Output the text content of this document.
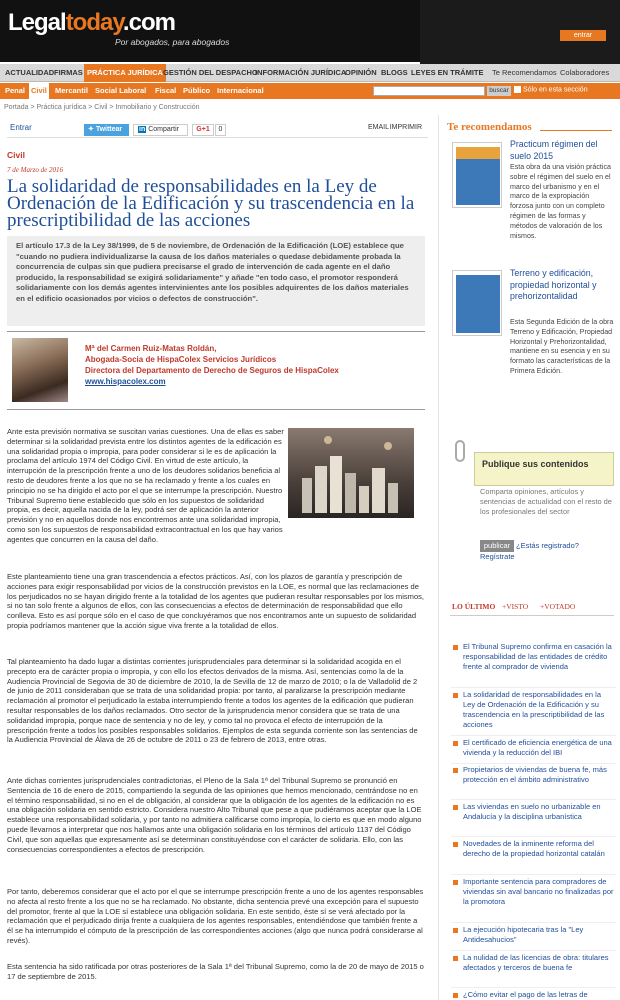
Legaltoday.com
Por abogados, para abogados
entrar
ACTUALIDAD FIRMAS PRÁCTICA JURÍDICA GESTIÓN DEL DESPACHO
INFORMACIÓN JURÍDICA
OPINIÓN BLOGS LEYES EN TRÁMITE	Te Recomendamos Colaboradores
Penal Civil Mercantil Social Laboral Fiscal Público Internacional	buscar	Sólo en esta sección
Portada > Práctica jurídica > Civil > Inmobiliario y Construcción
Entrar	EMAIL IMPRIMIR
✦ Twittear	in Compartir	G+1	0
Civil
7 de Marzo de 2016
La solidaridad de responsabilidades en la Ley de Ordenación de la Edificación y su trascendencia en la prescriptibilidad de las acciones
El artículo 17.3 de la Ley 38/1999, de 5 de noviembre, de Ordenación de la Edificación (LOE) establece que "cuando no pudiera individualizarse la causa de los daños materiales o quedase debidamente probada la concurrencia de culpas sin que pudiera precisarse el grado de intervención de cada agente en el daño producido, la responsabilidad se exigirá solidariamente" y añade "en todo caso, el promotor responderá solidariamente con los demás agentes intervinientes ante los posibles adquirentes de los daños materiales en el edificio ocasionados por vicios o defectos de construcción".
Mª del Carmen Ruiz-Matas Roldán,
Abogada-Socia de HispaColex Servicios Jurídicos
Directora del Departamento de Derecho de Seguros de HispaColex
www.hispacolex.com
Ante esta previsión normativa se suscitan varias cuestiones. Una de ellas es saber determinar si la solidaridad prevista entre los distintos agentes de la edificación es una solidaridad propia o impropia, para poder considerar si le es de aplicación la proclama del artículo 1974 del Código Civil. En virtud de este artículo, la interrupción de la prescripción frente a uno de los deudores solidarios beneficia al resto de deudores frente a los que no se ha reclamado y frente a los cuales en principio no se ha dirigido el acto por el que se interrumpe la prescripción. Nuestro Tribunal Supremo tiene establecido que sólo en los supuestos de solidaridad propia, es decir, aquella nacida de la ley, podrá ser de aplicación la anterior previsión y no en aquellos donde nos encontremos ante una solidaridad impropia, como son los supuestos de responsabilidad extracontractual en los que hay varios agentes que concurren en la causa del daño.
Este planteamiento tiene una gran trascendencia a efectos prácticos. Así, con los plazos de garantía y prescripción de acciones para exigir responsabilidad por vicios de la construcción previstos en la LOE, es normal que las reclamaciones de los perjudicados no se hayan dirigido frente a la totalidad de los agentes que pudieran resultar responsables por los mismos, si no tan solo frente a algunos de ellos, con las consecuencias a efectos de determinación de responsabilidad que ello conlleva. Esto es así porque sólo en el caso de que concluyéramos que nos encontramos ante un supuesto de solidaridad propia podríamos mantener que la acción sigue viva frente a la totalidad de ellos.
Tal planteamiento ha dado lugar a distintas corrientes jurisprudenciales para determinar si la solidaridad acogida en el precepto era de carácter propia o impropia, y con ello los efectos derivados de la misma. Así, sentencias como la de la Audiencia Provincial de Segovia de 30 de diciembre de 2010, la de Sevilla de 12 de marzo de 2010; o la de Valladolid de 2 de junio de 2011 consideraban que se trata de una solidaridad propia: por tanto, al paralizarse la prescripción mediante reclamación al promotor el perjudicado la estaba interrumpiendo frente a todos los agentes de la edificación que pudieran resultar responsables de los daños reclamados. Otro sector de la jurisprudencia menor considera que se trata de una solidaridad impropia, porque nace de sentencia y no de ley, y como tal no provoca el efecto de interrupción de la prescripción frente a todos los posibles responsables solidarios. Ejemplos de esta segunda corriente son las sentencias de la Audiencia Provincial de Álava de 26 de octubre de 2011 o 23 de febrero de 2013, entre otras.
Ante dichas corrientes jurisprudenciales contradictorias, el Pleno de la Sala 1ª del Tribunal Supremo se pronunció en Sentencia de 16 de enero de 2015, compartiendo la segunda de las opiniones que hemos mencionado, centrándose no en el término responsabilidad, si no en el de obligación, al considerar que la obligación de los agentes de la edificación no es una obligación solidaria en sentido estricto. Considera nuestro Alto Tribunal que pese a que pudiéramos aceptar que la LOE establece una responsabilidad solidaria, y por tanto no admitiera calificarse como impropia, lo cierto es que en modo alguno puede llevarnos a interpretar que nos hallamos ante una obligación solidaria en los términos del artículo 1137 del Código Civil, que son aquellas que expresamente así se determinan constituyéndose con el carácter de solidaria. Ello, con las consecuencias correspondientes a efectos de prescripción.
Por tanto, deberemos considerar que el acto por el que se interrumpe prescripción frente a uno de los agentes responsables no afecta al resto frente a los que no se ha reclamado. No obstante, dicha sentencia prevé una excepción para el supuesto del promotor, frente al que la LOE sí establece una obligación solidaria. En este sentido, éste sí se verá afectado por la reclamación que el perjudicado dirija frente a cualquiera de los agentes responsables, entendiéndose que también frente a él se ha interrumpido el cómputo de la prescripción de las correspondientes acciones (algo que nunca podrá considerarse al revés).
Esta sentencia ha sido ratificada por otras posteriores de la Sala 1ª del Tribunal Supremo, como la de 20 de mayo de 2015 o 17 de septiembre de 2015.
Te recomendamos
Practicum régimen del suelo 2015
Esta obra da una visión práctica sobre el régimen del suelo en el marco del urbanismo y en el marco de la expropiación forzosa junto con un completo régimen de las formas y métodos de valoración de los mismos.
Terreno y edificación, propiedad horizontal y prehorizontalidad
Esta Segunda Edición de la obra Terreno y Edificación, Propiedad Horizontal y Prehorizontalidad, mantiene en su esencia y en su formato las características de la Primera Edición.
Publique sus contenidos
Comparta opiniones, artículos y sentencias de actualidad con el resto de los profesionales del sector
¿Estás registrado? Regístrate
publicar
LO ÚLTIMO +VISTO +VOTADO
El Tribunal Supremo confirma en casación la responsabilidad de las entidades de crédito frente al comprador de vivienda
La solidaridad de responsabilidades en la Ley de Ordenación de la Edificación y su trascendencia en la prescriptibilidad de las acciones
El certificado de eficiencia energética de una vivienda y la reducción del IBI
Propietarios de viviendas de buena fe, más protección en el ámbito administrativo
Las viviendas en suelo no urbanizable en Andalucía y la disciplina urbanística
Novedades de la inminente reforma del derecho de la propiedad horizontal catalán
Importante sentencia para compradores de viviendas sin aval bancario no finalizadas por la promotora
La ejecución hipotecaria tras la "Ley Antidesahucios"
La nulidad de las licencias de obra: titulares afectados y terceros de buena fe
¿Cómo evitar el pago de las letras de
